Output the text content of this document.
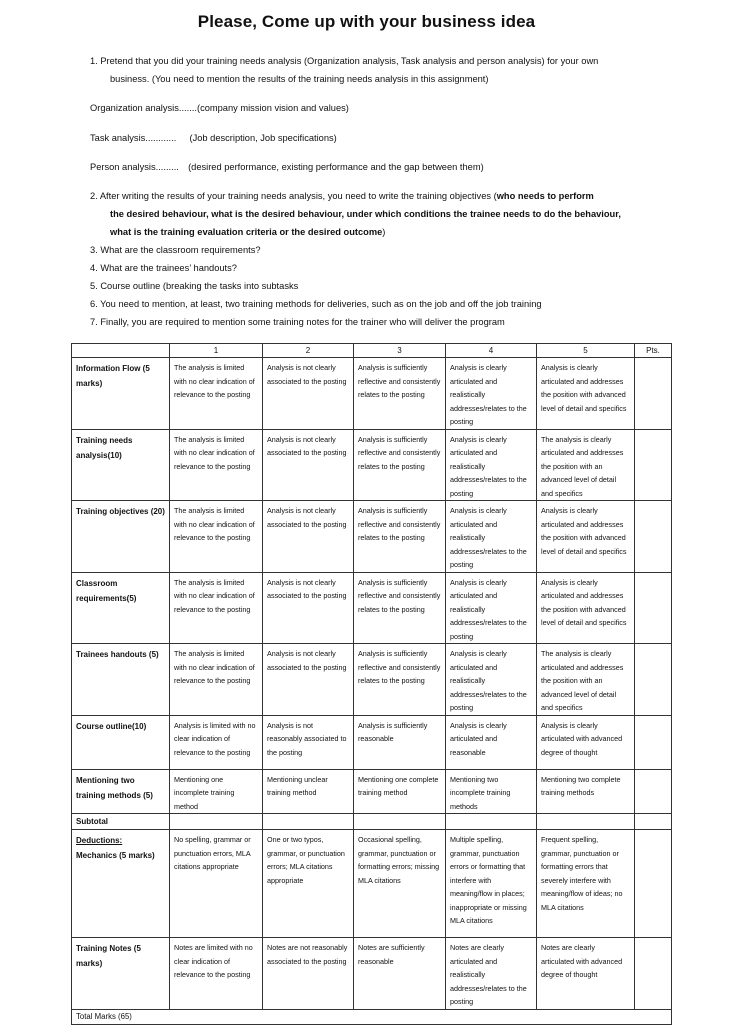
Please, Come up with your business idea
1. Pretend that you did your training needs analysis (Organization analysis, Task analysis and person analysis) for your own
business. (You need to mention the results of the training needs analysis in this assignment)
Organization analysis.......(company mission vision and values)
Task analysis............ (Job description, Job specifications)
Person analysis......... (desired performance, existing performance and the gap between them)
2. After writing the results of your training needs analysis, you need to write the training objectives (who needs to perform
the desired behaviour, what is the desired behaviour, under which conditions the trainee needs to do the behaviour,
what is the training evaluation criteria or the desired outcome)
3. What are the classroom requirements?
4. What are the trainees’ handouts?
5. Course outline (breaking the tasks into subtasks
6. You need to mention, at least, two training methods for deliveries, such as on the job and off the job training
7. Finally, you are required to mention some training notes for the trainer who will deliver the program
	1	2	3	4	5	Pts.
Information Flow (5 marks)	The analysis is limited with no clear indication of relevance to the posting	Analysis is not clearly associated to the posting	Analysis is sufficiently reflective and consistently relates to the posting	Analysis is clearly articulated and realistically addresses/relates to the posting	Analysis is clearly articulated and addresses the position with advanced level of detail and specifics	
Training needs analysis(10)	The analysis is limited with no clear indication of relevance to the posting	Analysis is not clearly associated to the posting	Analysis is sufficiently reflective and consistently relates to the posting	Analysis is clearly articulated and realistically addresses/relates to the posting	The analysis is clearly articulated and addresses the position with an advanced level of detail and specifics	
Training objectives (20)	The analysis is limited with no clear indication of relevance to the posting	Analysis is not clearly associated to the posting	Analysis is sufficiently reflective and consistently relates to the posting	Analysis is clearly articulated and realistically addresses/relates to the posting	Analysis is clearly articulated and addresses the position with advanced level of detail and specifics	
Classroom requirements(5)	The analysis is limited with no clear indication of relevance to the posting	Analysis is not clearly associated to the posting	Analysis is sufficiently reflective and consistently relates to the posting	Analysis is clearly articulated and realistically addresses/relates to the posting	Analysis is clearly articulated and addresses the position with advanced level of detail and specifics	
Trainees handouts (5)	The analysis is limited with no clear indication of relevance to the posting	Analysis is not clearly associated to the posting	Analysis is sufficiently reflective and consistently relates to the posting	Analysis is clearly articulated and realistically addresses/relates to the posting	The analysis is clearly articulated and addresses the position with an advanced level of detail and specifics	
Course outline(10)	Analysis is limited with no clear indication of relevance to the posting	Analysis is not reasonably associated to the posting	Analysis is sufficiently reasonable	Analysis is clearly articulated and reasonable	Analysis is clearly articulated with advanced degree of thought	
Mentioning two training methods (5)	Mentioning one incomplete training method	Mentioning unclear training method	Mentioning one complete training method	Mentioning two incomplete training methods	Mentioning two complete training methods	
Subtotal						
Deductions:
Mechanics (5 marks)	No spelling, grammar or punctuation errors, MLA citations appropriate	One or two typos, grammar, or punctuation errors; MLA citations appropriate	Occasional spelling, grammar, punctuation or formatting errors; missing MLA citations	Multiple spelling, grammar, punctuation errors or formatting that interfere with meaning/flow in places; inappropriate or missing MLA citations	Frequent spelling, grammar, punctuation or formatting errors that severely interfere with meaning/flow of ideas; no MLA citations	
Training Notes (5 marks)	Notes are limited with no clear indication of relevance to the posting	Notes are not reasonably associated to the posting	Notes are sufficiently reasonable	Notes are clearly articulated and realistically addresses/relates to the posting	Notes are clearly articulated with advanced degree of thought	
Total Marks (65)						
